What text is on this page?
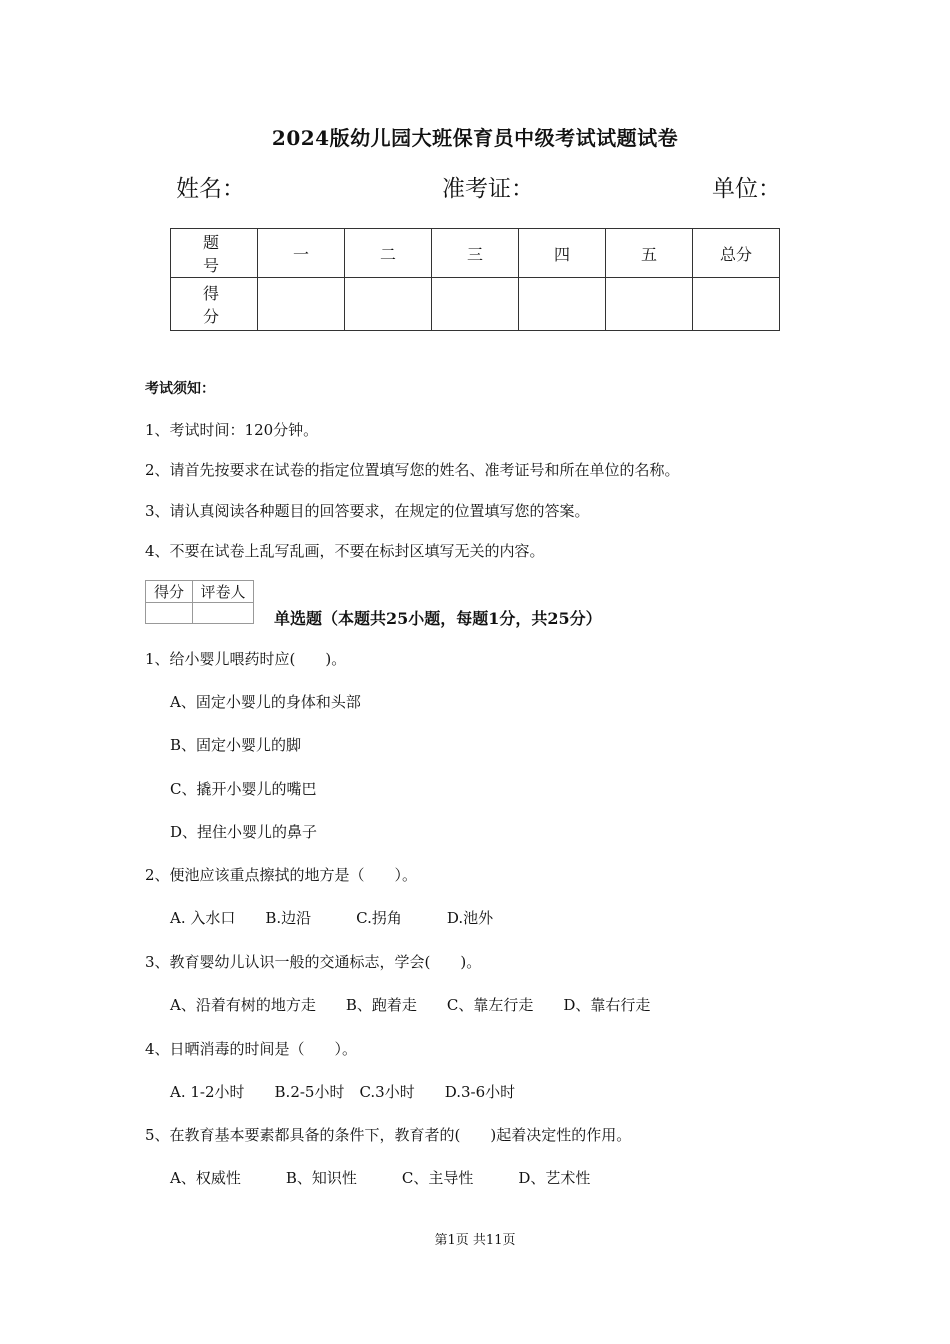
2024版幼儿园大班保育员中级考试试题试卷
姓名：	准考证：	单位：
题　号	一	二	三	四	五	总分
得　分						
考试须知：
1、考试时间：120分钟。
2、请首先按要求在试卷的指定位置填写您的姓名、准考证号和所在单位的名称。
3、请认真阅读各种题目的回答要求，在规定的位置填写您的答案。
4、不要在试卷上乱写乱画，不要在标封区填写无关的内容。
得分	评卷人

单选题（本题共25小题，每题1分，共25分）
1、给小婴儿喂药时应(　　)。
A、固定小婴儿的身体和头部
B、固定小婴儿的脚
C、撬开小婴儿的嘴巴
D、捏住小婴儿的鼻子
2、便池应该重点擦拭的地方是（　　）。
A. 入水口　　B.边沿　　　C.拐角　　　D.池外
3、教育婴幼儿认识一般的交通标志，学会(　　)。
A、沿着有树的地方走　　B、跑着走　　C、靠左行走　　D、靠右行走
4、日晒消毒的时间是（　　）。
A. 1-2小时　　B.2-5小时　C.3小时　　D.3-6小时
5、在教育基本要素都具备的条件下，教育者的(　　)起着决定性的作用。
A、权威性　　　B、知识性　　　C、主导性　　　D、艺术性
第1页 共11页
